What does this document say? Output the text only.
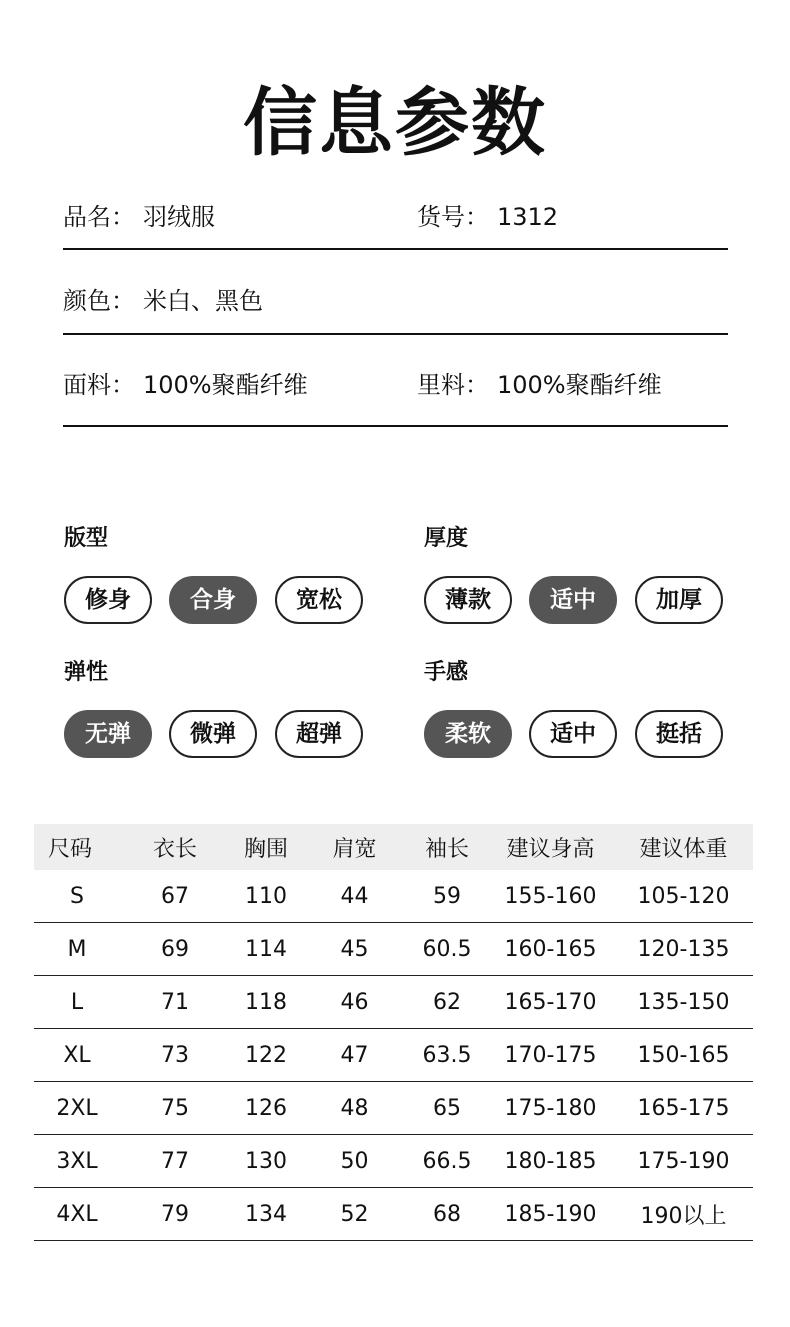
信息参数
品名： 羽绒服	货号： 1312
颜色： 米白、黑色
面料： 100%聚酯纤维	里料： 100%聚酯纤维
版型
修身	合身	宽松
厚度
薄款	适中	加厚
弹性
无弹	微弹	超弹
手感
柔软	适中	挺括
尺码	衣长	胸围	肩宽	袖长	建议身高	建议体重
S	67	110	44	59	155-160	105-120
M	69	114	45	60.5	160-165	120-135
L	71	118	46	62	165-170	135-150
XL	73	122	47	63.5	170-175	150-165
2XL	75	126	48	65	175-180	165-175
3XL	77	130	50	66.5	180-185	175-190
4XL	79	134	52	68	185-190	190以上
